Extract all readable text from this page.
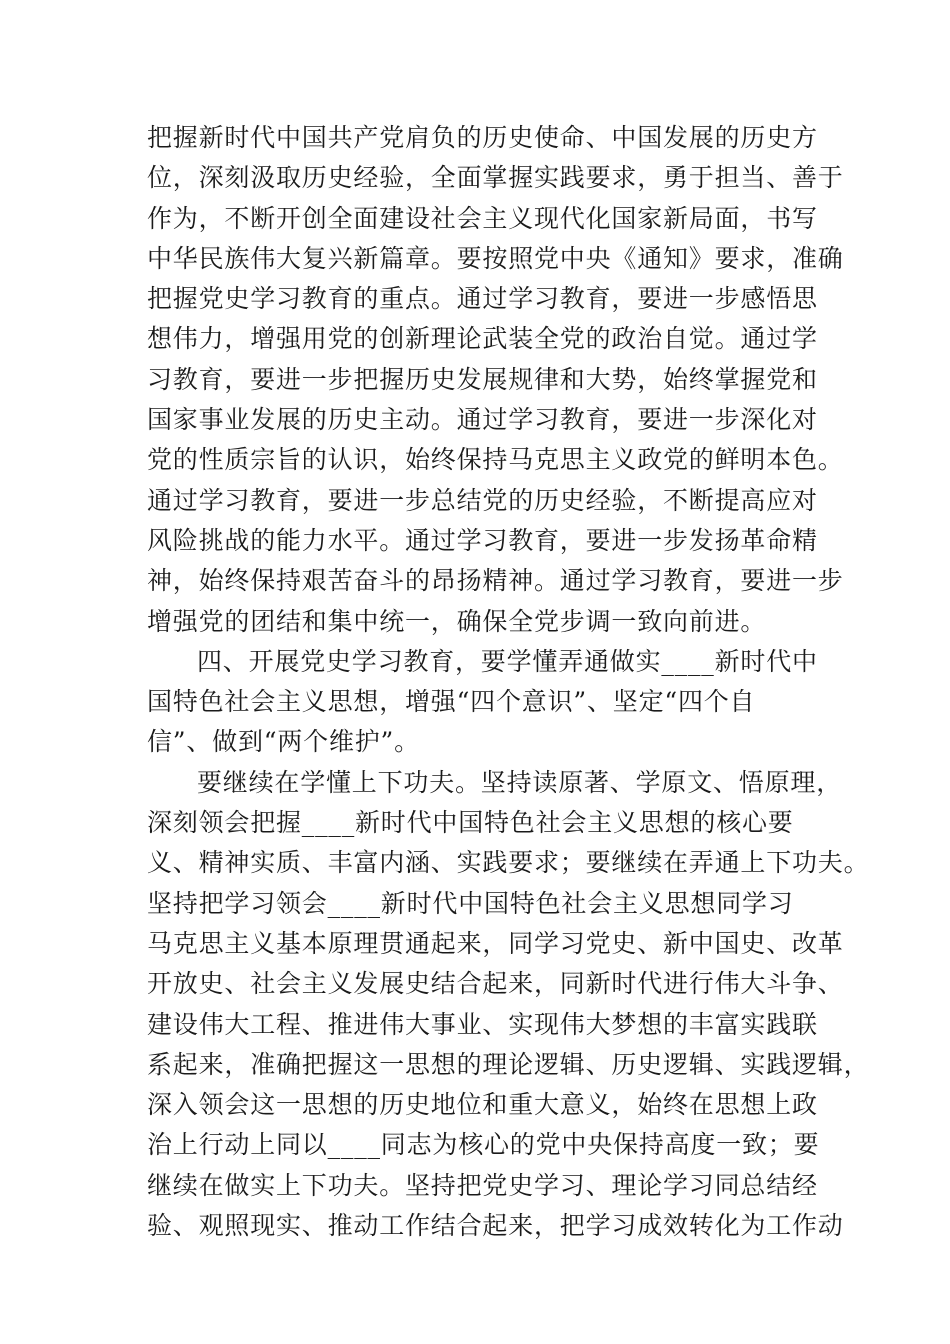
把握新时代中国共产党肩负的历史使命、中国发展的历史方
位，深刻汲取历史经验，全面掌握实践要求，勇于担当、善于
作为，不断开创全面建设社会主义现代化国家新局面，书写
中华民族伟大复兴新篇章。要按照党中央《通知》要求，准确
把握党史学习教育的重点。通过学习教育，要进一步感悟思
想伟力，增强用党的创新理论武装全党的政治自觉。通过学
习教育，要进一步把握历史发展规律和大势，始终掌握党和
国家事业发展的历史主动。通过学习教育，要进一步深化对
党的性质宗旨的认识，始终保持马克思主义政党的鲜明本色。
通过学习教育，要进一步总结党的历史经验，不断提高应对
风险挑战的能力水平。通过学习教育，要进一步发扬革命精
神，始终保持艰苦奋斗的昂扬精神。通过学习教育，要进一步
增强党的团结和集中统一，确保全党步调一致向前进。
四、开展党史学习教育，要学懂弄通做实____新时代中
国特色社会主义思想，增强“四个意识”、坚定“四个自
信”、做到“两个维护”。
要继续在学懂上下功夫。坚持读原著、学原文、悟原理，
深刻领会把握____新时代中国特色社会主义思想的核心要
义、精神实质、丰富内涵、实践要求；要继续在弄通上下功夫。
坚持把学习领会____新时代中国特色社会主义思想同学习
马克思主义基本原理贯通起来，同学习党史、新中国史、改革
开放史、社会主义发展史结合起来，同新时代进行伟大斗争、
建设伟大工程、推进伟大事业、实现伟大梦想的丰富实践联
系起来，准确把握这一思想的理论逻辑、历史逻辑、实践逻辑，
深入领会这一思想的历史地位和重大意义，始终在思想上政
治上行动上同以____同志为核心的党中央保持高度一致；要
继续在做实上下功夫。坚持把党史学习、理论学习同总结经
验、观照现实、推动工作结合起来，把学习成效转化为工作动
